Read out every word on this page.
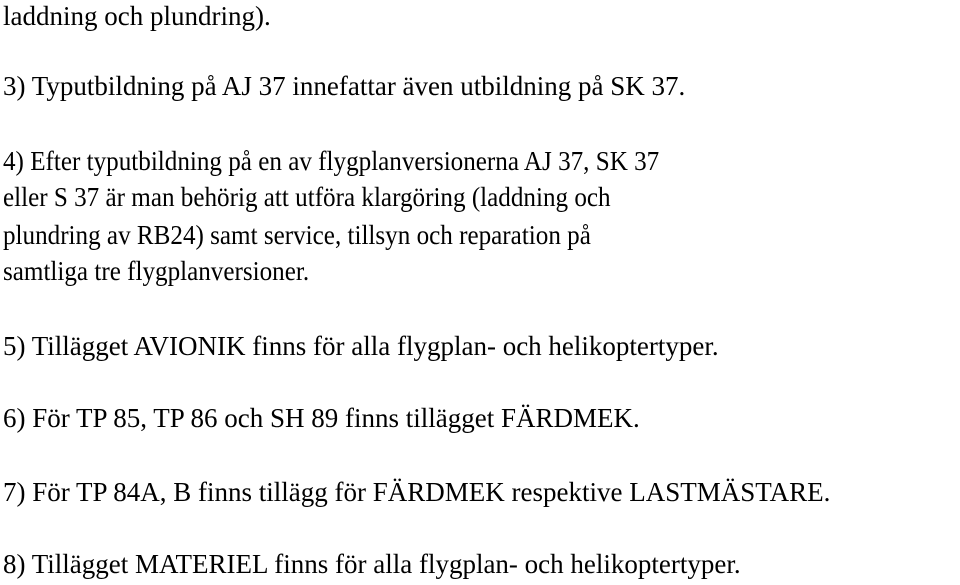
laddning och plundring).
3) Typutbildning på AJ 37 innefattar även utbildning på SK 37.
4) Efter typutbildning på en av flygplanversionerna AJ 37, SK 37
eller S 37 är man behörig att utföra klargöring (laddning och
plundring av RB24) samt service, tillsyn och reparation på
samtliga tre flygplanversioner.
5) Tillägget AVIONIK finns för alla flygplan- och helikoptertyper.
6) För TP 85, TP 86 och SH 89 finns tillägget FÄRDMEK.
7) För TP 84A, B finns tillägg för FÄRDMEK respektive LASTMÄSTARE.
8) Tillägget MATERIEL finns för alla flygplan- och helikoptertyper.
